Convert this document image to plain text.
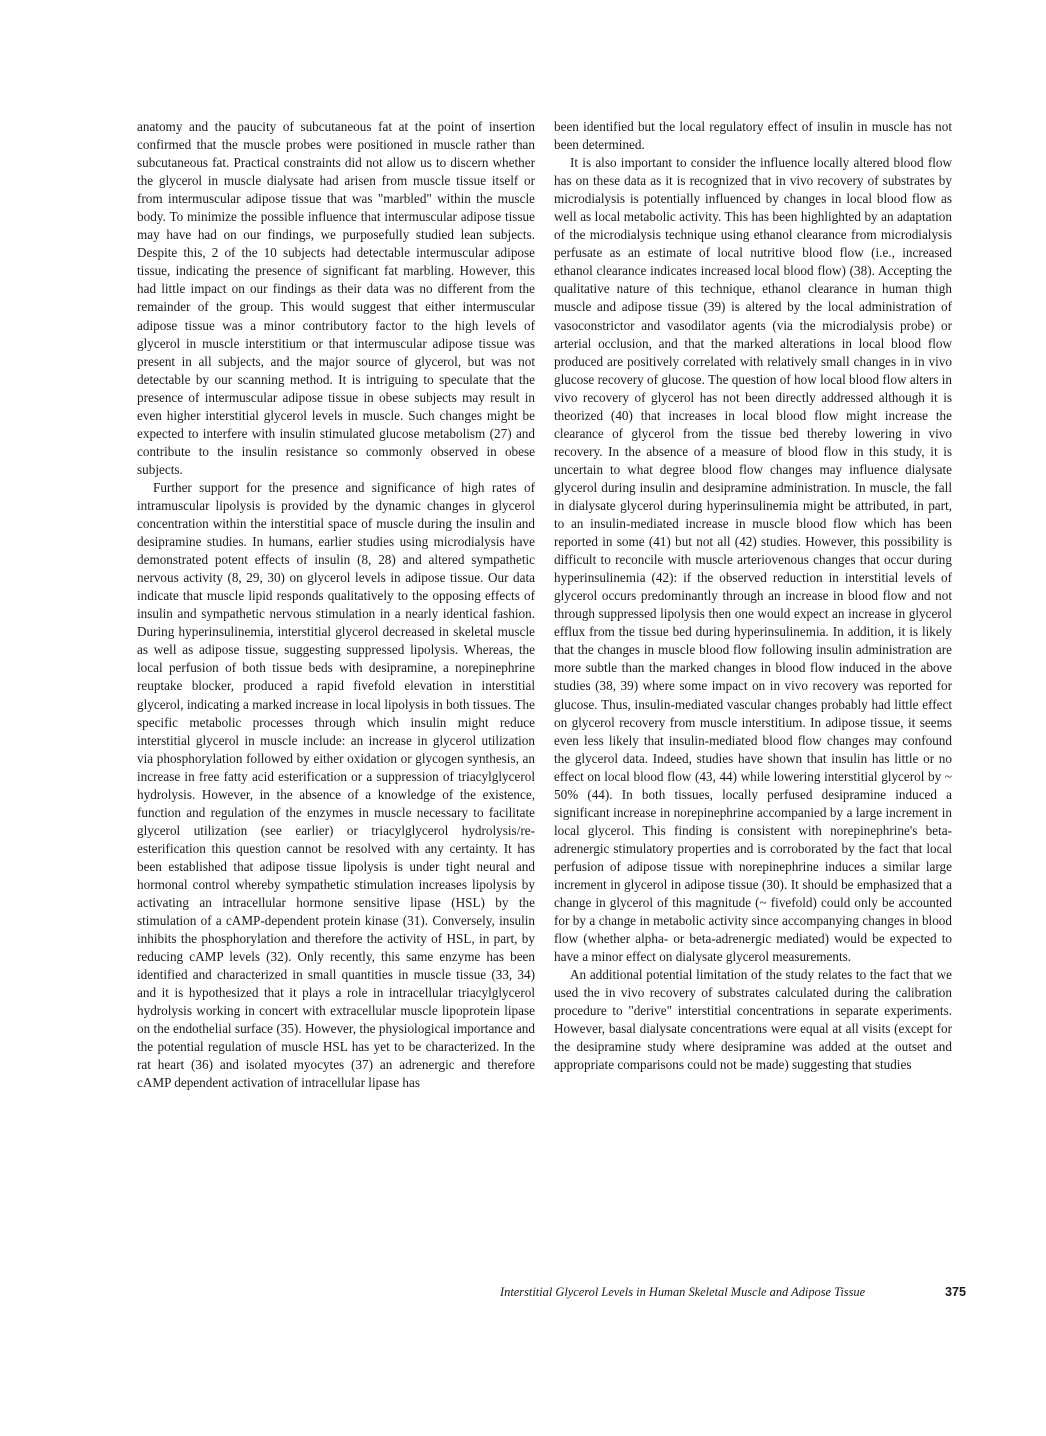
anatomy and the paucity of subcutaneous fat at the point of insertion confirmed that the muscle probes were positioned in muscle rather than subcutaneous fat. Practical constraints did not allow us to discern whether the glycerol in muscle dialysate had arisen from muscle tissue itself or from intermuscular adipose tissue that was "marbled" within the muscle body. To minimize the possible influence that intermuscular adipose tissue may have had on our findings, we purposefully studied lean subjects. Despite this, 2 of the 10 subjects had detectable intermuscular adipose tissue, indicating the presence of significant fat marbling. However, this had little impact on our findings as their data was no different from the remainder of the group. This would suggest that either intermuscular adipose tissue was a minor contributory factor to the high levels of glycerol in muscle interstitium or that intermuscular adipose tissue was present in all subjects, and the major source of glycerol, but was not detectable by our scanning method. It is intriguing to speculate that the presence of intermuscular adipose tissue in obese subjects may result in even higher interstitial glycerol levels in muscle. Such changes might be expected to interfere with insulin stimulated glucose metabolism (27) and contribute to the insulin resistance so commonly observed in obese subjects.

Further support for the presence and significance of high rates of intramuscular lipolysis is provided by the dynamic changes in glycerol concentration within the interstitial space of muscle during the insulin and desipramine studies. In humans, earlier studies using microdialysis have demonstrated potent effects of insulin (8, 28) and altered sympathetic nervous activity (8, 29, 30) on glycerol levels in adipose tissue. Our data indicate that muscle lipid responds qualitatively to the opposing effects of insulin and sympathetic nervous stimulation in a nearly identical fashion. During hyperinsulinemia, interstitial glycerol decreased in skeletal muscle as well as adipose tissue, suggesting suppressed lipolysis. Whereas, the local perfusion of both tissue beds with desipramine, a norepinephrine reuptake blocker, produced a rapid fivefold elevation in interstitial glycerol, indicating a marked increase in local lipolysis in both tissues. The specific metabolic processes through which insulin might reduce interstitial glycerol in muscle include: an increase in glycerol utilization via phosphorylation followed by either oxidation or glycogen synthesis, an increase in free fatty acid esterification or a suppression of triacylglycerol hydrolysis. However, in the absence of a knowledge of the existence, function and regulation of the enzymes in muscle necessary to facilitate glycerol utilization (see earlier) or triacylglycerol hydrolysis/re-esterification this question cannot be resolved with any certainty. It has been established that adipose tissue lipolysis is under tight neural and hormonal control whereby sympathetic stimulation increases lipolysis by activating an intracellular hormone sensitive lipase (HSL) by the stimulation of a cAMP-dependent protein kinase (31). Conversely, insulin inhibits the phosphorylation and therefore the activity of HSL, in part, by reducing cAMP levels (32). Only recently, this same enzyme has been identified and characterized in small quantities in muscle tissue (33, 34) and it is hypothesized that it plays a role in intracellular triacylglycerol hydrolysis working in concert with extracellular muscle lipoprotein lipase on the endothelial surface (35). However, the physiological importance and the potential regulation of muscle HSL has yet to be characterized. In the rat heart (36) and isolated myocytes (37) an adrenergic and therefore cAMP dependent activation of intracellular lipase has

been identified but the local regulatory effect of insulin in muscle has not been determined.

It is also important to consider the influence locally altered blood flow has on these data as it is recognized that in vivo recovery of substrates by microdialysis is potentially influenced by changes in local blood flow as well as local metabolic activity. This has been highlighted by an adaptation of the microdialysis technique using ethanol clearance from microdialysis perfusate as an estimate of local nutritive blood flow (i.e., increased ethanol clearance indicates increased local blood flow) (38). Accepting the qualitative nature of this technique, ethanol clearance in human thigh muscle and adipose tissue (39) is altered by the local administration of vasoconstrictor and vasodilator agents (via the microdialysis probe) or arterial occlusion, and that the marked alterations in local blood flow produced are positively correlated with relatively small changes in in vivo glucose recovery of glucose. The question of how local blood flow alters in vivo recovery of glycerol has not been directly addressed although it is theorized (40) that increases in local blood flow might increase the clearance of glycerol from the tissue bed thereby lowering in vivo recovery. In the absence of a measure of blood flow in this study, it is uncertain to what degree blood flow changes may influence dialysate glycerol during insulin and desipramine administration. In muscle, the fall in dialysate glycerol during hyperinsulinemia might be attributed, in part, to an insulin-mediated increase in muscle blood flow which has been reported in some (41) but not all (42) studies. However, this possibility is difficult to reconcile with muscle arteriovenous changes that occur during hyperinsulinemia (42): if the observed reduction in interstitial levels of glycerol occurs predominantly through an increase in blood flow and not through suppressed lipolysis then one would expect an increase in glycerol efflux from the tissue bed during hyperinsulinemia. In addition, it is likely that the changes in muscle blood flow following insulin administration are more subtle than the marked changes in blood flow induced in the above studies (38, 39) where some impact on in vivo recovery was reported for glucose. Thus, insulin-mediated vascular changes probably had little effect on glycerol recovery from muscle interstitium. In adipose tissue, it seems even less likely that insulin-mediated blood flow changes may confound the glycerol data. Indeed, studies have shown that insulin has little or no effect on local blood flow (43, 44) while lowering interstitial glycerol by ~ 50% (44). In both tissues, locally perfused desipramine induced a significant increase in norepinephrine accompanied by a large increment in local glycerol. This finding is consistent with norepinephrine's beta-adrenergic stimulatory properties and is corroborated by the fact that local perfusion of adipose tissue with norepinephrine induces a similar large increment in glycerol in adipose tissue (30). It should be emphasized that a change in glycerol of this magnitude (~ fivefold) could only be accounted for by a change in metabolic activity since accompanying changes in blood flow (whether alpha- or beta-adrenergic mediated) would be expected to have a minor effect on dialysate glycerol measurements.

An additional potential limitation of the study relates to the fact that we used the in vivo recovery of substrates calculated during the calibration procedure to "derive" interstitial concentrations in separate experiments. However, basal dialysate concentrations were equal at all visits (except for the desipramine study where desipramine was added at the outset and appropriate comparisons could not be made) suggesting that studies

Interstitial Glycerol Levels in Human Skeletal Muscle and Adipose Tissue	375
